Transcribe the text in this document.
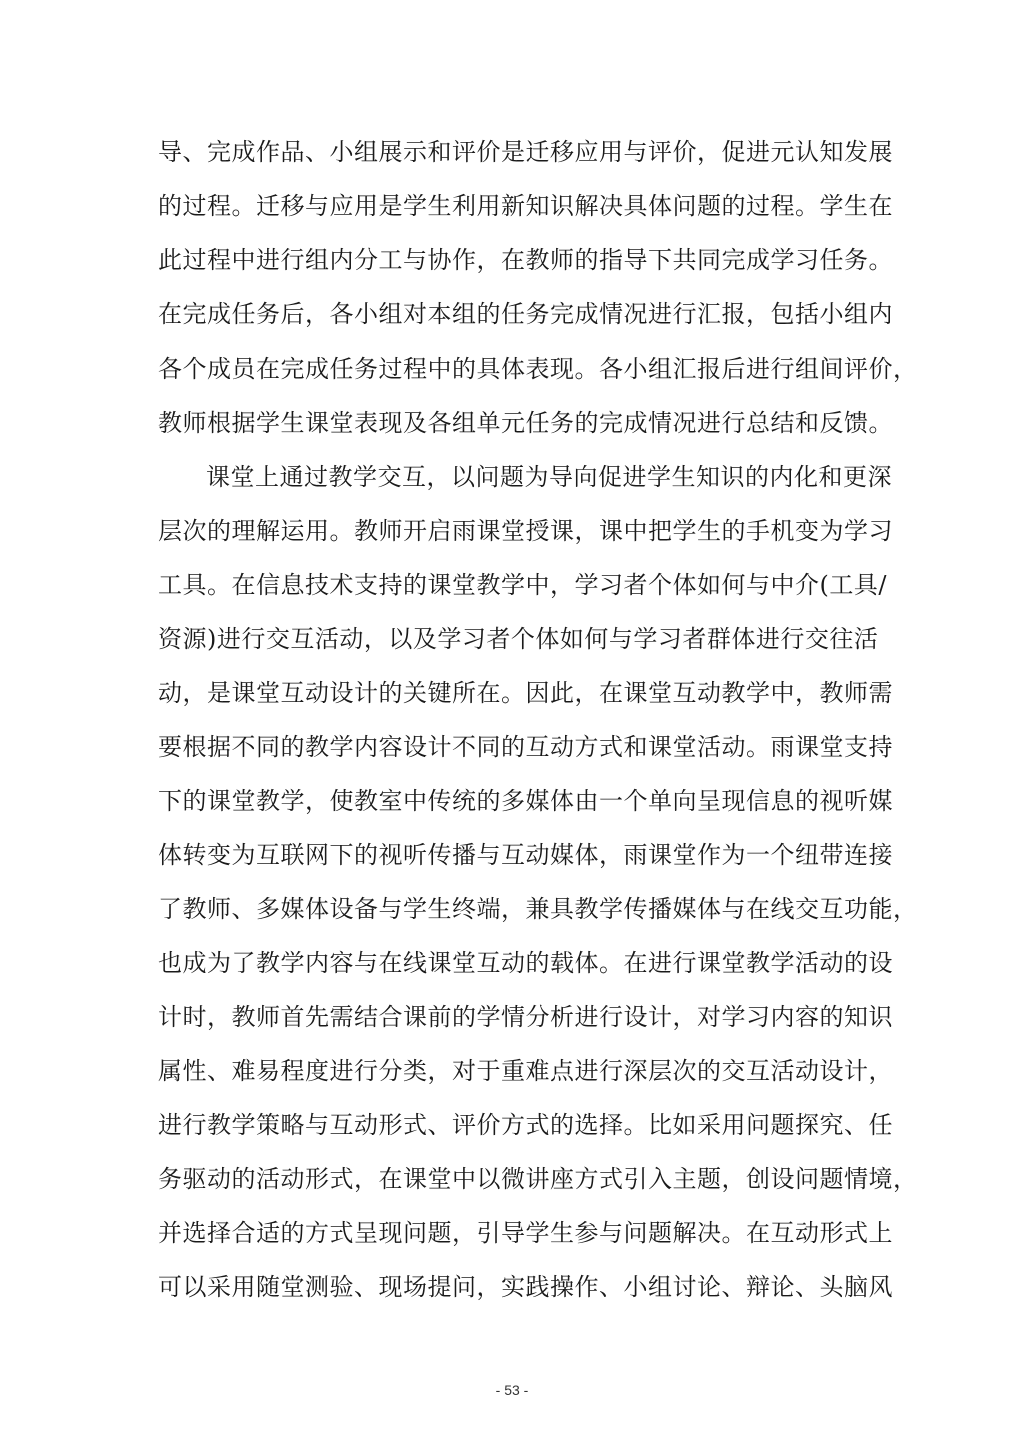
导、完成作品、小组展示和评价是迁移应用与评价，促进元认知发展
的过程。迁移与应用是学生利用新知识解决具体问题的过程。学生在
此过程中进行组内分工与协作，在教师的指导下共同完成学习任务。
在完成任务后，各小组对本组的任务完成情况进行汇报，包括小组内
各个成员在完成任务过程中的具体表现。各小组汇报后进行组间评价，
教师根据学生课堂表现及各组单元任务的完成情况进行总结和反馈。
课堂上通过教学交互，以问题为导向促进学生知识的内化和更深
层次的理解运用。教师开启雨课堂授课，课中把学生的手机变为学习
工具。在信息技术支持的课堂教学中，学习者个体如何与中介(工具/
资源)进行交互活动，以及学习者个体如何与学习者群体进行交往活
动，是课堂互动设计的关键所在。因此，在课堂互动教学中，教师需
要根据不同的教学内容设计不同的互动方式和课堂活动。雨课堂支持
下的课堂教学，使教室中传统的多媒体由一个单向呈现信息的视听媒
体转变为互联网下的视听传播与互动媒体，雨课堂作为一个纽带连接
了教师、多媒体设备与学生终端，兼具教学传播媒体与在线交互功能，
也成为了教学内容与在线课堂互动的载体。在进行课堂教学活动的设
计时，教师首先需结合课前的学情分析进行设计，对学习内容的知识
属性、难易程度进行分类，对于重难点进行深层次的交互活动设计，
进行教学策略与互动形式、评价方式的选择。比如采用问题探究、任
务驱动的活动形式，在课堂中以微讲座方式引入主题，创设问题情境，
并选择合适的方式呈现问题，引导学生参与问题解决。在互动形式上
可以采用随堂测验、现场提问，实践操作、小组讨论、辩论、头脑风
- 53 -
